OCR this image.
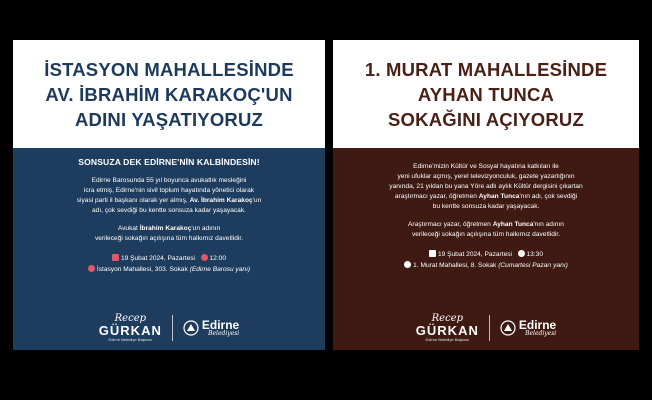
İSTASYON MAHALLESİNDE
AV. İBRAHİM KARAKOÇ'UN
ADINI YAŞATIYORUZ
SONSUZA DEK EDİRNE'NİN KALBİNDESİN!
Edirne Barosunda 55 yıl boyunca avukatlık mesleğini
icra etmiş, Edirne'nin sivil toplum hayatında yönetici olarak
siyasi parti il başkanı olarak yer almış, Av. İbrahim Karakoç'un
adı, çok sevdiği bu kentte sonsuza kadar yaşayacak.
Avukat İbrahim Karakoç'un adının
verileceği sokağın açılışına tüm halkımız davetlidir.
19 Şubat 2024, Pazartesi 12:00
İstasyon Mahallesi, 303. Sokak (Edirne Barosu yanı)
Recep
GÜRKAN
Edirne Belediye Başkanı
Edirne
Belediyesi
1. MURAT MAHALLESİNDE
AYHAN TUNCA
SOKAĞINI AÇIYORUZ
Edirne'mizin Kültür ve Sosyal hayatına katkıları ile
yeni ufuklar açmış, yerel televizyonculuk, gazete yazarlığının
yanında, 21 yıldan bu yana Yöre adlı aylık Kültür dergisini çıkartan
araştırmacı yazar, öğretmen Ayhan Tunca'nın adı, çok sevdiği
bu kentte sonsuza kadar yaşayacak.
Araştırmacı yazar, öğretmen Ayhan Tunca'nın adının
verileceği sokağın açılışına tüm halkımız davetlidir.
19 Şubat 2024, Pazartesi 13:30
1. Murat Mahallesi, 8. Sokak (Cumartesi Pazarı yanı)
Recep
GÜRKAN
Edirne Belediye Başkanı
Edirne
Belediyesi
